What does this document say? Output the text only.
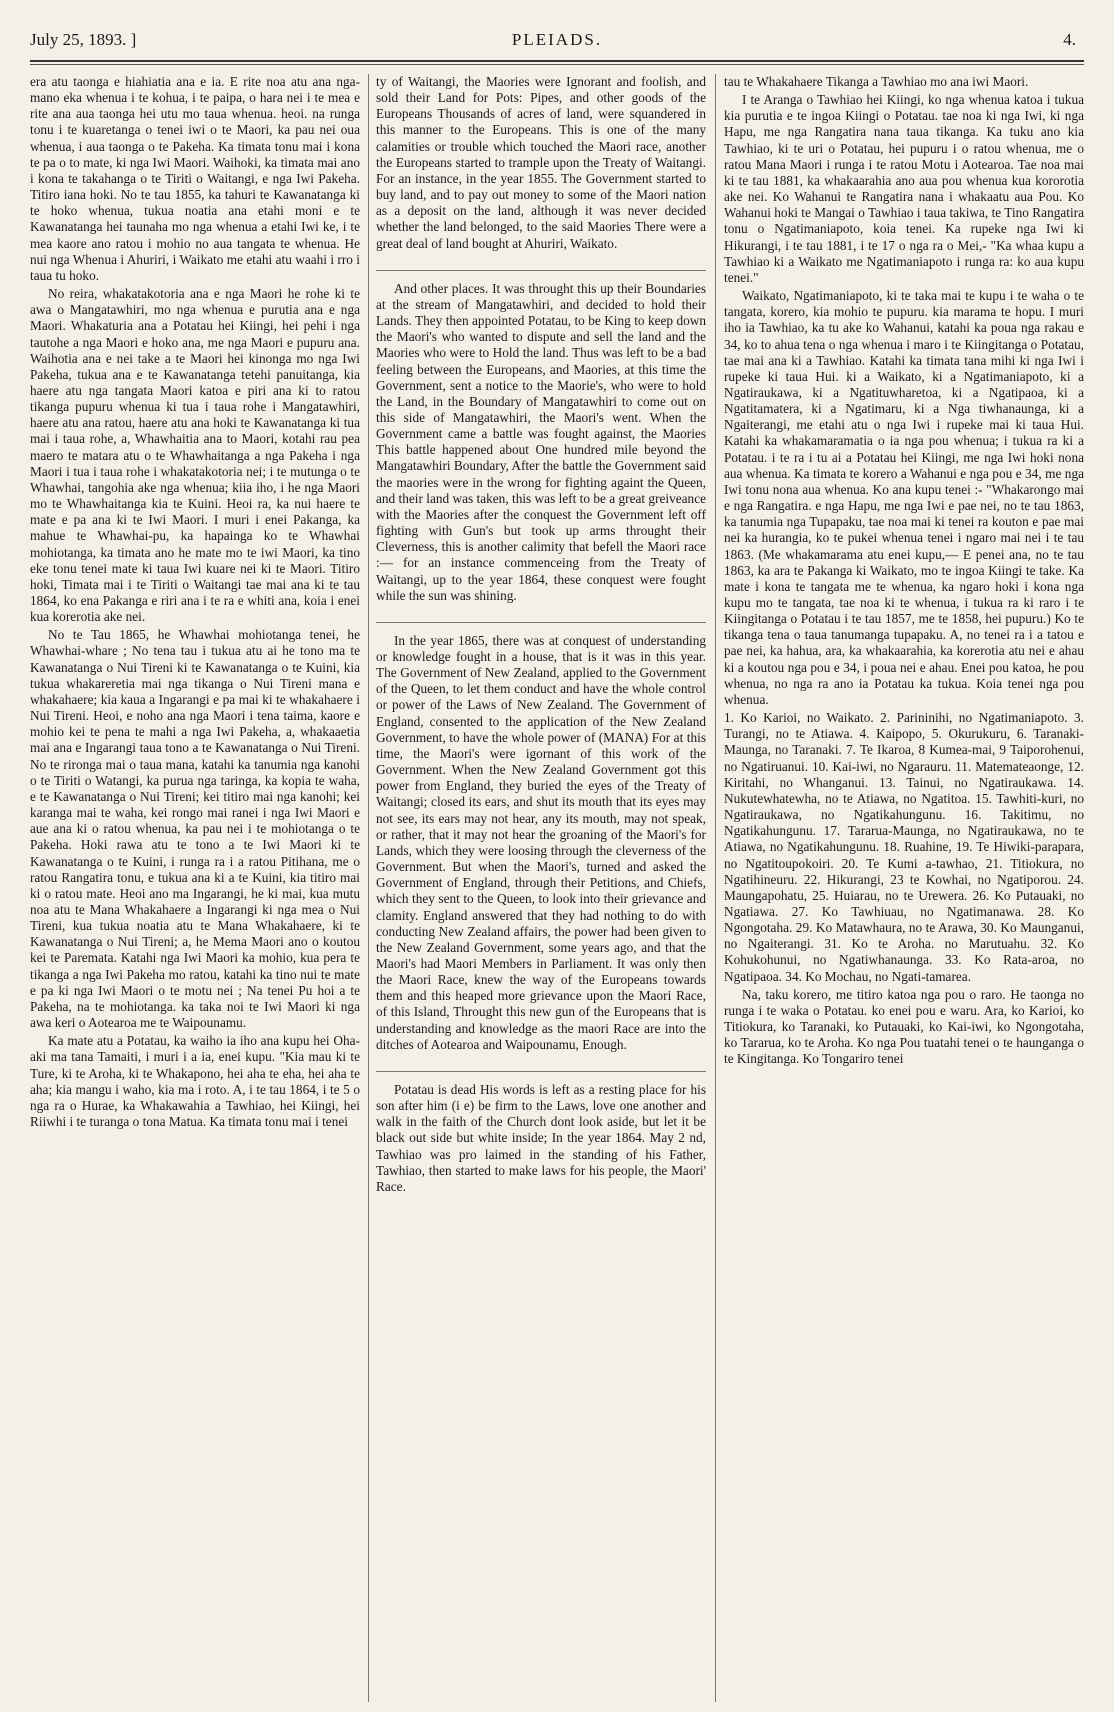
July 25, 1893. ]	PLEIADS.	4.

era atu taonga e hiahiatia ana e ia. E rite noa atu ana nga-mano eka whenua i te kohua, i te paipa, o hara nei i te mea e rite ana aua taonga hei utu mo taua whenua. heoi. na runga tonu i te kuaretanga o tenei iwi o te Maori, ka pau nei oua whenua, i aua taonga o te Pakeha. Ka timata tonu mai i kona te pa o to mate, ki nga Iwi Maori. Waihoki, ka timata mai ano i kona te takahanga o te Tiriti o Waitangi, e nga Iwi Pakeha. Titiro iana hoki. No te tau 1855, ka tahuri te Kawanatanga ki te hoko whenua, tukua noatia ana etahi moni e te Kawanatanga hei taunaha mo nga whenua a etahi Iwi ke, i te mea kaore ano ratou i mohio no aua tangata te whenua. He nui nga Whenua i Ahuriri, i Waikato me etahi atu waahi i rro i taua tu hoko.

No reira, whakatakotoria ana e nga Maori he rohe ki te awa o Mangatawhiri, mo nga whenua e purutia ana e nga Maori. Whakaturia ana a Potatau hei Kiingi, hei pehi i nga tautohe a nga Maori e hoko ana, me nga Maori e pupuru ana. Waihotia ana e nei take a te Maori hei kinonga mo nga Iwi Pakeha, tukua ana e te Kawanatanga tetehi panuitanga, kia haere atu nga tangata Maori katoa e piri ana ki to ratou tikanga pupuru whenua ki tua i taua rohe i Mangatawhiri, haere atu ana ratou, haere atu ana hoki te Kawanatanga ki tua mai i taua rohe, a, Whawhaitia ana to Maori, kotahi rau pea maero te matara atu o te Whawhaitanga a nga Pakeha i nga Maori i tua i taua rohe i whakatakotoria nei; i te mutunga o te Whawhai, tangohia ake nga whenua; kiia iho, i he nga Maori mo te Whawhaitanga kia te Kuini. Heoi ra, ka nui haere te mate e pa ana ki te Iwi Maori. I muri i enei Pakanga, ka mahue te Whawhai-pu, ka hapainga ko te Whawhai mohiotanga, ka timata ano he mate mo te iwi Maori, ka tino eke tonu tenei mate ki taua Iwi kuare nei ki te Maori. Titiro hoki, Timata mai i te Tiriti o Waitangi tae mai ana ki te tau 1864, ko ena Pakanga e riri ana i te ra e whiti ana, koia i enei kua korerotia ake nei.

No te Tau 1865, he Whawhai mohiotanga tenei, he Whawhai-whare ; No tena tau i tukua atu ai he tono ma te Kawanatanga o Nui Tireni ki te Kawanatanga o te Kuini, kia tukua whakareretia mai nga tikanga o Nui Tireni mana e whakahaere; kia kaua a Ingarangi e pa mai ki te whakahaere i Nui Tireni. Heoi, e noho ana nga Maori i tena taima, kaore e mohio kei te pena te mahi a nga Iwi Pakeha, a, whakaaetia mai ana e Ingarangi taua tono a te Kawanatanga o Nui Tireni. No te rironga mai o taua mana, katahi ka tanumia nga kanohi o te Tiriti o Watangi, ka purua nga taringa, ka kopia te waha, e te Kawanatanga o Nui Tireni; kei titiro mai nga kanohi; kei karanga mai te waha, kei rongo mai ranei i nga Iwi Maori e aue ana ki o ratou whenua, ka pau nei i te mohiotanga o te Pakeha. Hoki rawa atu te tono a te Iwi Maori ki te Kawanatanga o te Kuini, i runga ra i a ratou Pitihana, me o ratou Rangatira tonu, e tukua ana ki a te Kuini, kia titiro mai ki o ratou mate. Heoi ano ma Ingarangi, he ki mai, kua mutu noa atu te Mana Whakahaere a Ingarangi ki nga mea o Nui Tireni, kua tukua noatia atu te Mana Whakahaere, ki te Kawanatanga o Nui Tireni; a, he Mema Maori ano o koutou kei te Paremata. Katahi nga Iwi Maori ka mohio, kua pera te tikanga a nga Iwi Pakeha mo ratou, katahi ka tino nui te mate e pa ki nga Iwi Maori o te motu nei ; Na tenei Pu hoi a te Pakeha, na te mohiotanga. ka taka noi te Iwi Maori ki nga awa keri o Aotearoa me te Waipounamu.

Ka mate atu a Potatau, ka waiho ia iho ana kupu hei Oha-aki ma tana Tamaiti, i muri i a ia, enei kupu. "Kia mau ki te Ture, ki te Aroha, ki te Whakapono, hei aha te eha, hei aha te aha; kia mangu i waho, kia ma i roto. A, i te tau 1864, i te 5 o nga ra o Hurae, ka Whakawahia a Tawhiao, hei Kiingi, hei Riiwhi i te turanga o tona Matua. Ka timata tonu mai i tenei

ty of Waitangi, the Maories were Ignorant and foolish, and sold their Land for Pots: Pipes, and other goods of the Europeans Thousands of acres of land, were squandered in this manner to the Europeans. This is one of the many calamities or trouble which touched the Maori race, another the Europeans started to trample upon the Treaty of Waitangi. For an instance, in the year 1855. The Government started to buy land, and to pay out money to some of the Maori nation as a deposit on the land, although it was never decided whether the land belonged, to the said Maories There were a great deal of land bought at Ahuriri, Waikato.

And other places. It was throught this up their Boundaries at the stream of Mangatawhiri, and decided to hold their Lands. They then appointed Potatau, to be King to keep down the Maori's who wanted to dispute and sell the land and the Maories who were to Hold the land. Thus was left to be a bad feeling between the Europeans, and Maories, at this time the Government, sent a notice to the Maorie's, who were to hold the Land, in the Boundary of Mangatawhiri to come out on this side of Mangatawhiri, the Maori's went. When the Government came a battle was fought against, the Maories This battle happened about One hundred mile beyond the Mangatawhiri Boundary, After the battle the Government said the maories were in the wrong for fighting againt the Queen, and their land was taken, this was left to be a great greiveance with the Maories after the conquest the Government left off fighting with Gun's but took up arms throught their Cleverness, this is another calimity that befell the Maori race :— for an instance commenceing from the Treaty of Waitangi, up to the year 1864, these conquest were fought while the sun was shining.

In the year 1865, there was at conquest of understanding or knowledge fought in a house, that is it was in this year. The Government of New Zealand, applied to the Government of the Queen, to let them conduct and have the whole control or power of the Laws of New Zealand. The Government of England, consented to the application of the New Zealand Government, to have the whole power of (MANA) For at this time, the Maori's were igornant of this work of the Government. When the New Zealand Government got this power from England, they buried the eyes of the Treaty of Waitangi; closed its ears, and shut its mouth that its eyes may not see, its ears may not hear, any its mouth, may not speak, or rather, that it may not hear the groaning of the Maori's for Lands, which they were loosing through the cleverness of the Government. But when the Maori's, turned and asked the Government of England, through their Petitions, and Chiefs, which they sent to the Queen, to look into their grievance and clamity. England answered that they had nothing to do with conducting New Zealand affairs, the power had been given to the New Zealand Government, some years ago, and that the Maori's had Maori Members in Parliament. It was only then the Maori Race, knew the way of the Europeans towards them and this heaped more grievance upon the Maori Race, of this Island, Throught this new gun of the Europeans that is understanding and knowledge as the maori Race are into the ditches of Aotearoa and Waipounamu, Enough.

Potatau is dead His words is left as a resting place for his son after him (i e) be firm to the Laws, love one another and walk in the faith of the Church dont look aside, but let it be black out side but white inside; In the year 1864. May 2 nd, Tawhiao was pro laimed in the standing of his Father, Tawhiao, then started to make laws for his people, the Maori' Race.

tau te Whakahaere Tikanga a Tawhiao mo ana iwi Maori.

I te Aranga o Tawhiao hei Kiingi, ko nga whenua katoa i tukua kia purutia e te ingoa Kiingi o Potatau. tae noa ki nga Iwi, ki nga Hapu, me nga Rangatira nana taua tikanga. Ka tuku ano kia Tawhiao, ki te uri o Potatau, hei pupuru i o ratou whenua, me o ratou Mana Maori i runga i te ratou Motu i Aotearoa. Tae noa mai ki te tau 1881, ka whakaarahia ano aua pou whenua kua kororotia ake nei. Ko Wahanui te Rangatira nana i whakaatu aua Pou. Ko Wahanui hoki te Mangai o Tawhiao i taua takiwa, te Tino Rangatira tonu o Ngatimaniapoto, koia tenei. Ka rupeke nga Iwi ki Hikurangi, i te tau 1881, i te 17 o nga ra o Mei,- "Ka whaa kupu a Tawhiao ki a Waikato me Ngatimaniapoto i runga ra: ko aua kupu tenei."

Waikato, Ngatimaniapoto, ki te taka mai te kupu i te waha o te tangata, korero, kia mohio te pupuru. kia marama te hopu. I muri iho ia Tawhiao, ka tu ake ko Wahanui, katahi ka poua nga rakau e 34, ko to ahua tena o nga whenua i maro i te Kiingitanga o Potatau, tae mai ana ki a Tawhiao. Katahi ka timata tana mihi ki nga Iwi i rupeke ki taua Hui. ki a Waikato, ki a Ngatimaniapoto, ki a Ngatiraukawa, ki a Ngatituwharetoa, ki a Ngatipaoa, ki a Ngatitamatera, ki a Ngatimaru, ki a Nga tiwhanaunga, ki a Ngaiterangi, me etahi atu o nga Iwi i rupeke mai ki taua Hui. Katahi ka whakamaramatia o ia nga pou whenua; i tukua ra ki a Potatau. i te ra i tu ai a Potatau hei Kiingi, me nga Iwi hoki nona aua whenua. Ka timata te korero a Wahanui e nga pou e 34, me nga Iwi tonu nona aua whenua. Ko ana kupu tenei :- "Whakarongo mai e nga Rangatira. e nga Hapu, me nga Iwi e pae nei, no te tau 1863, ka tanumia nga Tupapaku, tae noa mai ki tenei ra kouton e pae mai nei ka hurangia, ko te pukei whenua tenei i ngaro mai nei i te tau 1863. (Me whakamarama atu enei kupu,— E penei ana, no te tau 1863, ka ara te Pakanga ki Waikato, mo te ingoa Kiingi te take. Ka mate i kona te tangata me te whenua, ka ngaro hoki i kona nga kupu mo te tangata, tae noa ki te whenua, i tukua ra ki raro i te Kiingitanga o Potatau i te tau 1857, me te 1858, hei pupuru.) Ko te tikanga tena o taua tanumanga tupapaku. A, no tenei ra i a tatou e pae nei, ka hahua, ara, ka whakaarahia, ka korerotia atu nei e ahau ki a koutou nga pou e 34, i poua nei e ahau. Enei pou katoa, he pou whenua, no nga ra ano ia Potatau ka tukua. Koia tenei nga pou whenua.

1. Ko Karioi, no Waikato. 2. Parininihi, no Ngatimaniapoto. 3. Turangi, no te Atiawa. 4. Kaipopo, 5. Okurukuru, 6. Taranaki-Maunga, no Taranaki. 7. Te Ikaroa, 8 Kumea-mai, 9 Taiporohenui, no Ngatiruanui. 10. Kai-iwi, no Ngarauru. 11. Matemateaonge, 12. Kiritahi, no Whanganui. 13. Tainui, no Ngatiraukawa. 14. Nukutewhatewha, no te Atiawa, no Ngatitoa. 15. Tawhiti-kuri, no Ngatiraukawa, no Ngatikahungunu. 16. Takitimu, no Ngatikahungunu. 17. Tararua-Maunga, no Ngatiraukawa, no te Atiawa, no Ngatikahungunu. 18. Ruahine, 19. Te Hiwiki-parapara, no Ngatitoupokoiri. 20. Te Kumi a-tawhao, 21. Titiokura, no Ngatihineuru. 22. Hikurangi, 23 te Kowhai, no Ngatiporou. 24. Maungapohatu, 25. Huiarau, no te Urewera. 26. Ko Putauaki, no Ngatiawa. 27. Ko Tawhiuau, no Ngatimanawa. 28. Ko Ngongotaha. 29. Ko Matawhaura, no te Arawa, 30. Ko Maunganui, no Ngaiterangi. 31. Ko te Aroha. no Marutuahu. 32. Ko Kohukohunui, no Ngatiwhanaunga. 33. Ko Rata-aroa, no Ngatipaoa. 34. Ko Mochau, no Ngati-tamarea.

Na, taku korero, me titiro katoa nga pou o raro. He taonga no runga i te waka o Potatau. ko enei pou e waru. Ara, ko Karioi, ko Titiokura, ko Taranaki, ko Putauaki, ko Kai-iwi, ko Ngongotaha, ko Tararua, ko te Aroha. Ko nga Pou tuatahi tenei o te haunganga o te Kingitanga. Ko Tongariro tenei
